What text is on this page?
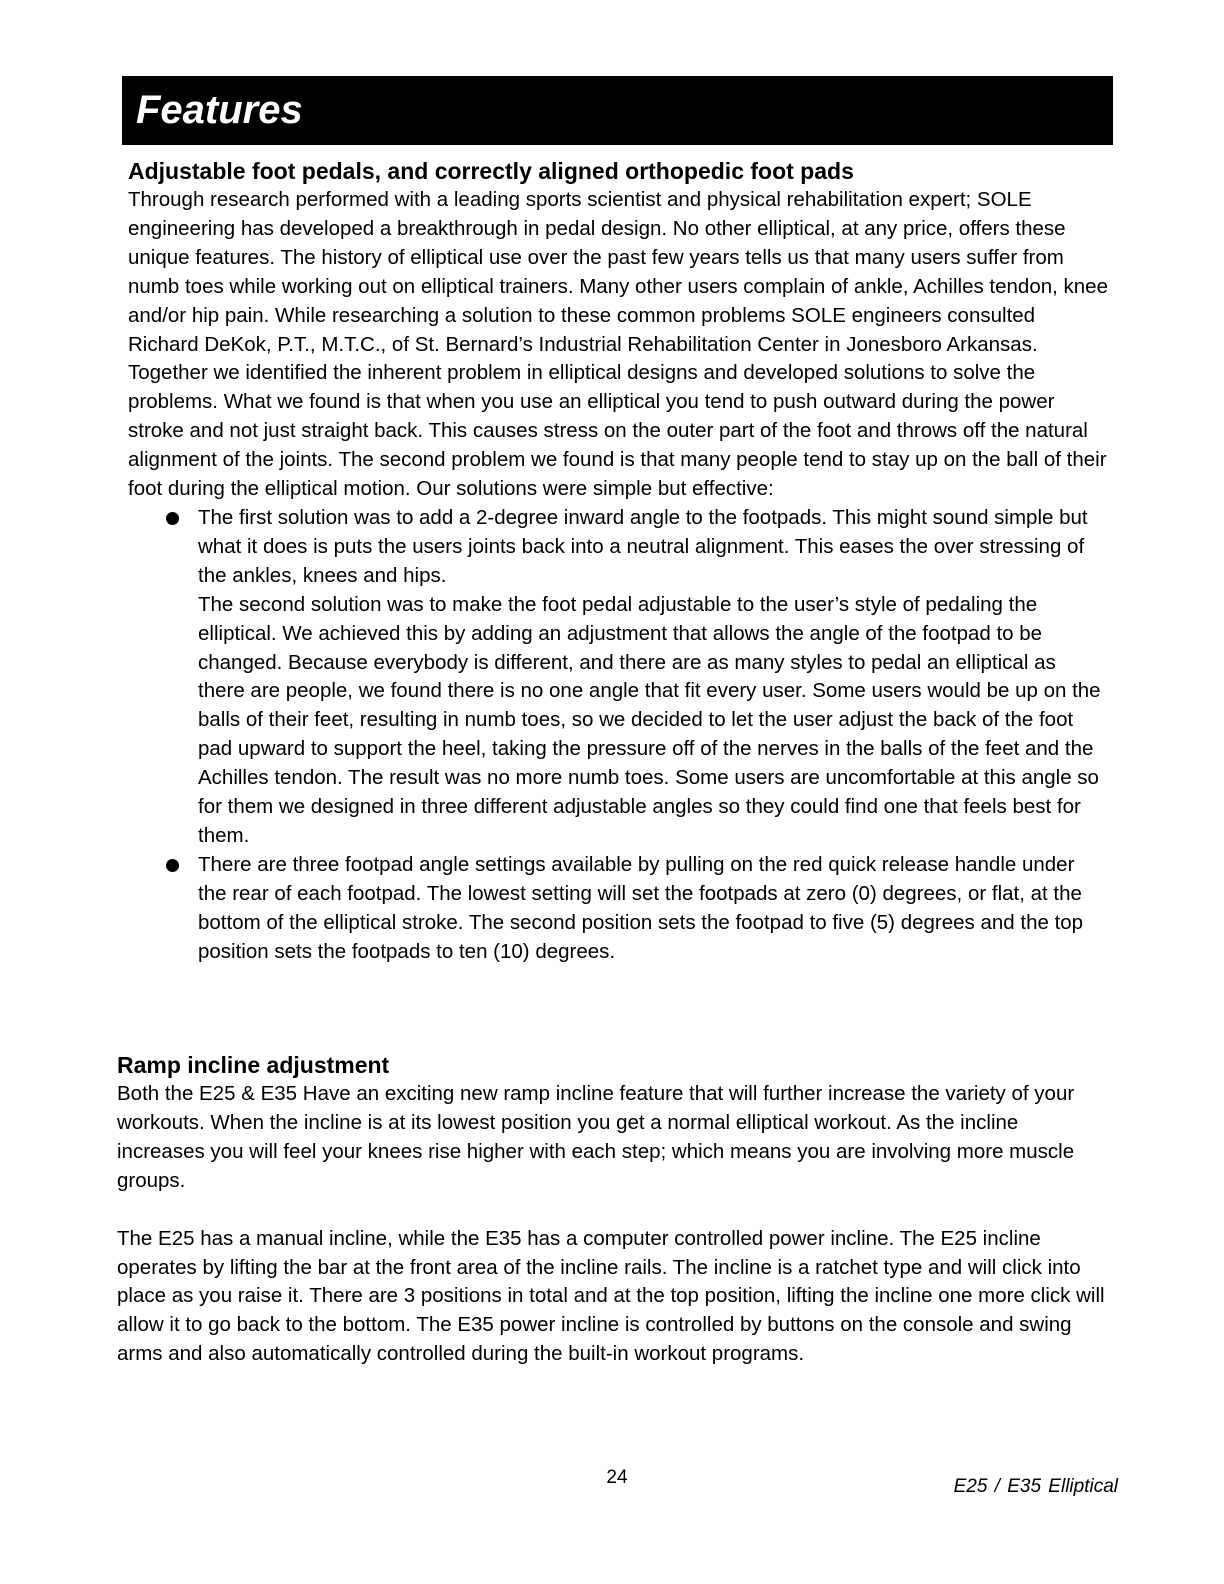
Features
Adjustable foot pedals, and correctly aligned orthopedic foot pads

Through research performed with a leading sports scientist and physical rehabilitation expert; SOLE engineering has developed a breakthrough in pedal design. No other elliptical, at any price, offers these unique features. The history of elliptical use over the past few years tells us that many users suffer from numb toes while working out on elliptical trainers. Many other users complain of ankle, Achilles tendon, knee and/or hip pain. While researching a solution to these common problems SOLE engineers consulted Richard DeKok, P.T., M.T.C., of St. Bernard’s Industrial Rehabilitation Center in Jonesboro Arkansas. Together we identified the inherent problem in elliptical designs and developed solutions to solve the problems. What we found is that when you use an elliptical you tend to push outward during the power stroke and not just straight back. This causes stress on the outer part of the foot and throws off the natural alignment of the joints. The second problem we found is that many people tend to stay up on the ball of their foot during the elliptical motion. Our solutions were simple but effective:

The first solution was to add a 2-degree inward angle to the footpads. This might sound simple but what it does is puts the users joints back into a neutral alignment. This eases the over stressing of the ankles, knees and hips.

The second solution was to make the foot pedal adjustable to the user’s style of pedaling the elliptical. We achieved this by adding an adjustment that allows the angle of the footpad to be changed. Because everybody is different, and there are as many styles to pedal an elliptical as there are people, we found there is no one angle that fit every user. Some users would be up on the balls of their feet, resulting in numb toes, so we decided to let the user adjust the back of the foot pad upward to support the heel, taking the pressure off of the nerves in the balls of the feet and the Achilles tendon. The result was no more numb toes. Some users are uncomfortable at this angle so for them we designed in three different adjustable angles so they could find one that feels best for them.

There are three footpad angle settings available by pulling on the red quick release handle under the rear of each footpad. The lowest setting will set the footpads at zero (0) degrees, or flat, at the bottom of the elliptical stroke. The second position sets the footpad to five (5) degrees and the top position sets the footpads to ten (10) degrees.

Ramp incline adjustment

Both the E25 & E35 Have an exciting new ramp incline feature that will further increase the variety of your workouts. When the incline is at its lowest position you get a normal elliptical workout. As the incline increases you will feel your knees rise higher with each step; which means you are involving more muscle groups.

The E25 has a manual incline, while the E35 has a computer controlled power incline. The E25 incline operates by lifting the bar at the front area of the incline rails. The incline is a ratchet type and will click into place as you raise it. There are 3 positions in total and at the top position, lifting the incline one more click will allow it to go back to the bottom. The E35 power incline is controlled by buttons on the console and swing arms and also automatically controlled during the built-in workout programs.

24	E25 / E35 Elliptical
